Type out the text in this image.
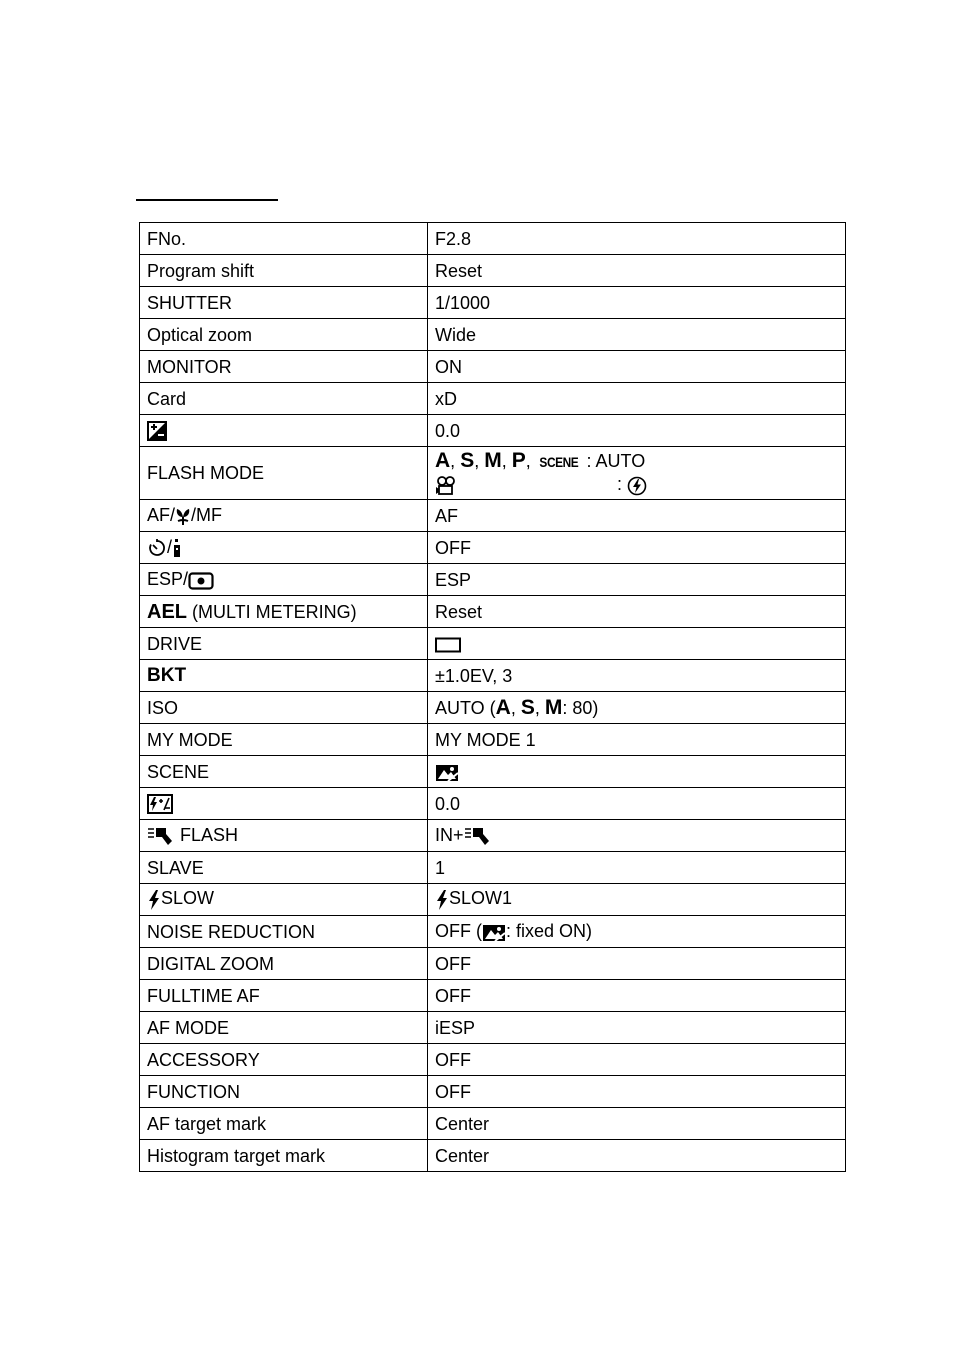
FNo.	F2.8
Program shift	Reset
SHUTTER	1/1000
Optical zoom	Wide
MONITOR	ON
Card	xD
	0.0
FLASH MODE	A, S, M, P, SCENE : AUTO
:

AF/ /MF	AF
/	OFF
ESP/	ESP
AEL (MULTI METERING)	Reset
DRIVE	
BKT	±1.0EV, 3
ISO	AUTO (A, S, M: 80)
MY MODE	MY MODE 1
SCENE	
	0.0
FLASH	IN+
SLAVE	1
SLOW	SLOW1
NOISE REDUCTION	OFF ( : fixed ON)
DIGITAL ZOOM	OFF
FULLTIME AF	OFF
AF MODE	iESP
ACCESSORY	OFF
FUNCTION	OFF
AF target mark	Center
Histogram target mark	Center
